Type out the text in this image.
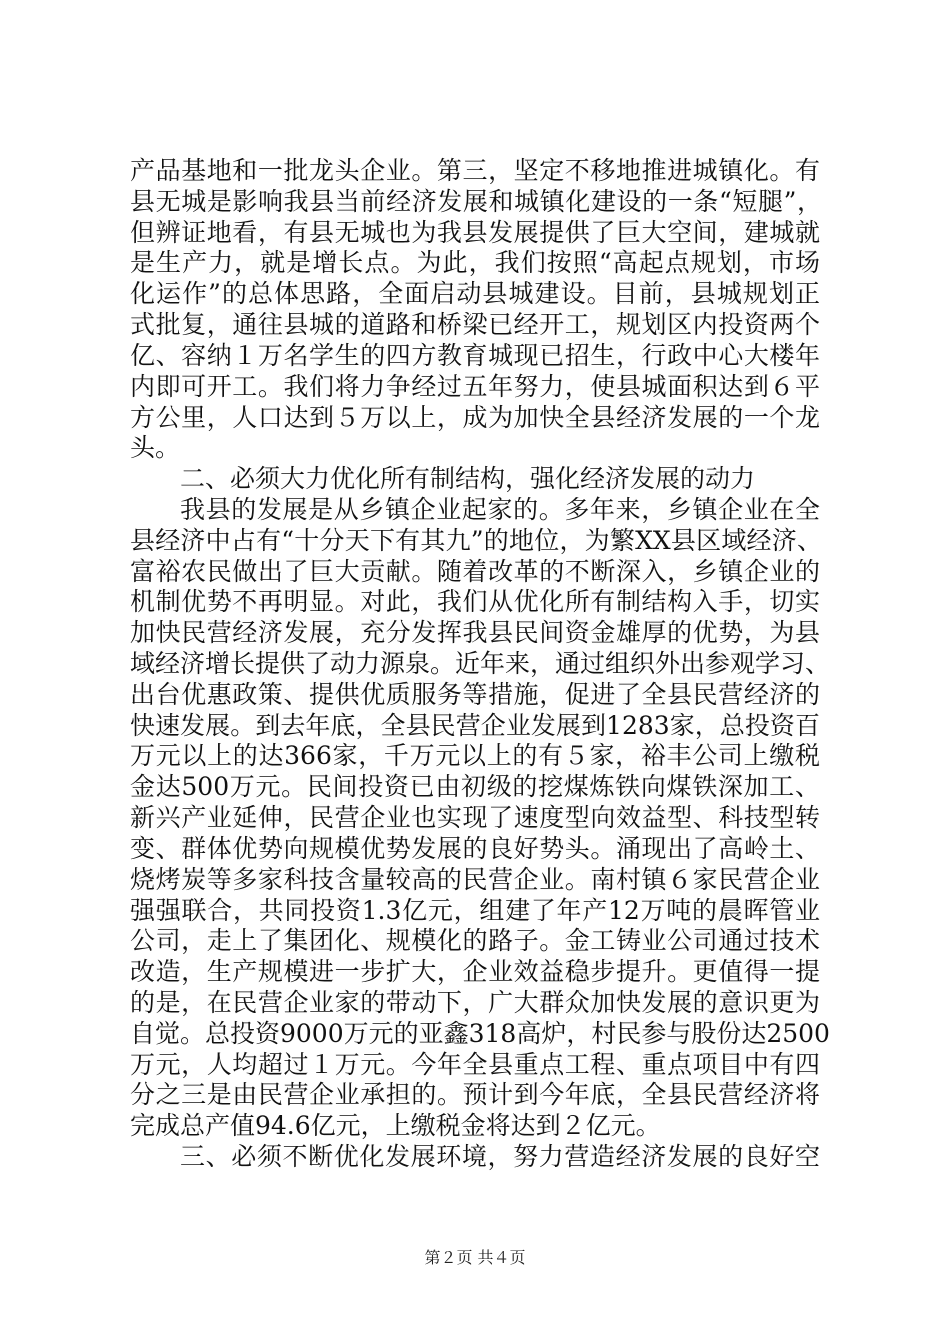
产品基地和一批龙头企业。第三，坚定不移地推进城镇化。有
县无城是影响我县当前经济发展和城镇化建设的一条“短腿”，
但辨证地看，有县无城也为我县发展提供了巨大空间，建城就
是生产力，就是增长点。为此，我们按照“高起点规划，市场
化运作”的总体思路，全面启动县城建设。目前，县城规划正
式批复，通往县城的道路和桥梁已经开工，规划区内投资两个
亿、容纳１万名学生的四方教育城现已招生，行政中心大楼年
内即可开工。我们将力争经过五年努力，使县城面积达到６平
方公里，人口达到５万以上，成为加快全县经济发展的一个龙
头。
二、必须大力优化所有制结构，强化经济发展的动力
我县的发展是从乡镇企业起家的。多年来，乡镇企业在全
县经济中占有“十分天下有其九”的地位，为繁XX县区域经济、
富裕农民做出了巨大贡献。随着改革的不断深入，乡镇企业的
机制优势不再明显。对此，我们从优化所有制结构入手，切实
加快民营经济发展，充分发挥我县民间资金雄厚的优势，为县
域经济增长提供了动力源泉。近年来，通过组织外出参观学习、
出台优惠政策、提供优质服务等措施，促进了全县民营经济的
快速发展。到去年底，全县民营企业发展到1283家，总投资百
万元以上的达366家，千万元以上的有５家，裕丰公司上缴税
金达500万元。民间投资已由初级的挖煤炼铁向煤铁深加工、
新兴产业延伸，民营企业也实现了速度型向效益型、科技型转
变、群体优势向规模优势发展的良好势头。涌现出了高岭土、
烧烤炭等多家科技含量较高的民营企业。南村镇６家民营企业
强强联合，共同投资1.3亿元，组建了年产12万吨的晨晖管业
公司，走上了集团化、规模化的路子。金工铸业公司通过技术
改造，生产规模进一步扩大，企业效益稳步提升。更值得一提
的是，在民营企业家的带动下，广大群众加快发展的意识更为
自觉。总投资9000万元的亚鑫318高炉，村民参与股份达2500
万元，人均超过１万元。今年全县重点工程、重点项目中有四
分之三是由民营企业承担的。预计到今年底，全县民营经济将
完成总产值94.6亿元，上缴税金将达到２亿元。
三、必须不断优化发展环境，努力营造经济发展的良好空
第２页 共４页
